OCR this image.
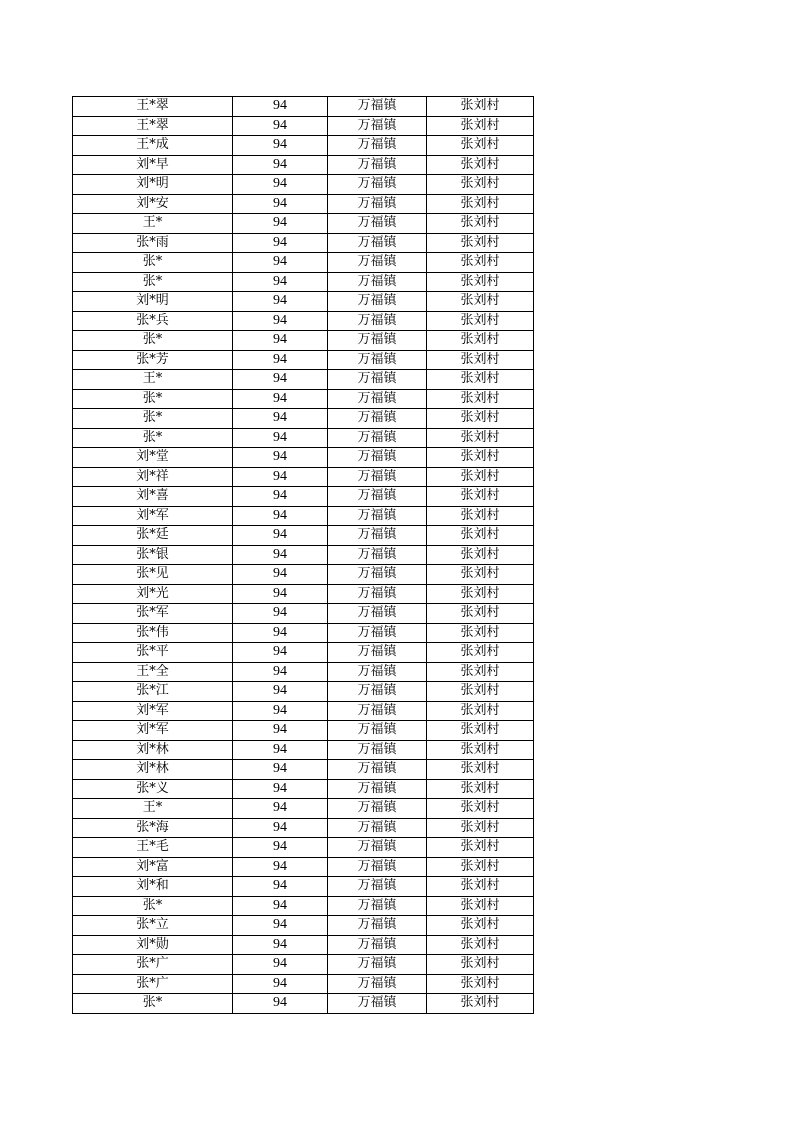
王*翠	94	万福镇	张刘村
王*翠	94	万福镇	张刘村
王*成	94	万福镇	张刘村
刘*早	94	万福镇	张刘村
刘*明	94	万福镇	张刘村
刘*安	94	万福镇	张刘村
王*	94	万福镇	张刘村
张*雨	94	万福镇	张刘村
张*	94	万福镇	张刘村
张*	94	万福镇	张刘村
刘*明	94	万福镇	张刘村
张*兵	94	万福镇	张刘村
张*	94	万福镇	张刘村
张*芳	94	万福镇	张刘村
王*	94	万福镇	张刘村
张*	94	万福镇	张刘村
张*	94	万福镇	张刘村
张*	94	万福镇	张刘村
刘*堂	94	万福镇	张刘村
刘*祥	94	万福镇	张刘村
刘*喜	94	万福镇	张刘村
刘*军	94	万福镇	张刘村
张*廷	94	万福镇	张刘村
张*银	94	万福镇	张刘村
张*见	94	万福镇	张刘村
刘*光	94	万福镇	张刘村
张*军	94	万福镇	张刘村
张*伟	94	万福镇	张刘村
张*平	94	万福镇	张刘村
王*全	94	万福镇	张刘村
张*江	94	万福镇	张刘村
刘*军	94	万福镇	张刘村
刘*军	94	万福镇	张刘村
刘*林	94	万福镇	张刘村
刘*林	94	万福镇	张刘村
张*义	94	万福镇	张刘村
王*	94	万福镇	张刘村
张*海	94	万福镇	张刘村
王*毛	94	万福镇	张刘村
刘*富	94	万福镇	张刘村
刘*和	94	万福镇	张刘村
张*	94	万福镇	张刘村
张*立	94	万福镇	张刘村
刘*勋	94	万福镇	张刘村
张*广	94	万福镇	张刘村
张*广	94	万福镇	张刘村
张*	94	万福镇	张刘村
